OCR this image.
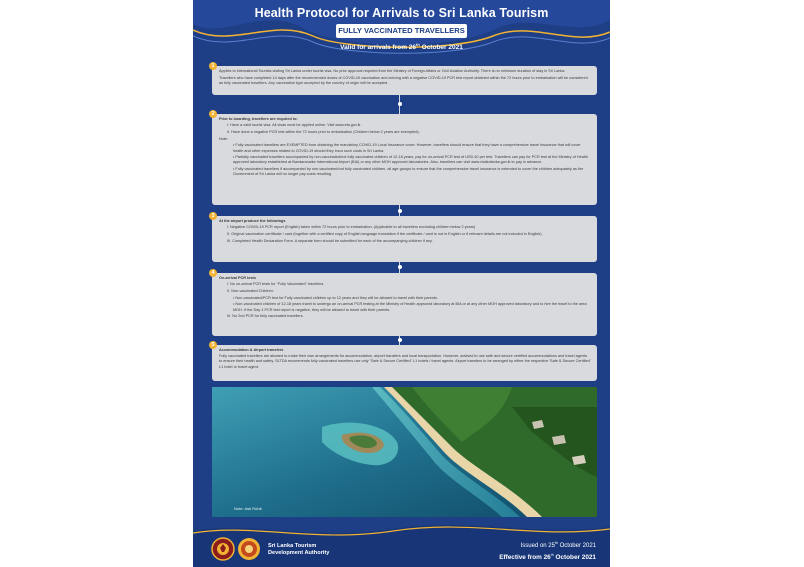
Health Protocol for Arrivals to Sri Lanka Tourism
FULLY VACCINATED TRAVELLERS
Valid for arrivals from 26th October 2021
1

Applies to international Tourists visiting Sri Lanka under tourist visa. No prior approval required from the Ministry of Foreign Affairs or Civil Aviation Authority. There is no minimum duration of stay in Sri Lanka.

Travellers who have completed 14 days after the recommended doses of COVID-19 vaccination and arriving with a negative COVID-19 PCR test report obtained within the 72 hours prior to embarkation will be considered as fully vaccinated travellers. Any vaccination type accepted by the country of origin will be accepted.

2
Prior to boarding, travellers are required to:

I. Have a valid tourist visa. All visas must be applied online. Visit www.eta.gov.lk

II. Have done a negative PCR test within the 72 hours prior to embarkation (Children below 2 years are exempted).

Note:

• Fully vaccinated travellers are EXEMPTED from obtaining the mandatory COVID-19 Local Insurance cover. However, travellers should ensure that they have a comprehensive travel insurance that will cover health and other expenses related to COVID-19 should they incur such costs in Sri Lanka.

• Partially vaccinated travellers accompanied by non-vaccinated/not fully vaccinated children of 12-18 years, pay for on-arrival PCR test of USD 40 per test. Travellers can pay for PCR test at the Ministry of Health approved laboratory established at Bandaranaike International Airport (BIA) or any other MOH approved laboratories. Also, travellers can visit www.visitsrilanka.gov.lk to pay in advance.

• Fully vaccinated travellers if accompanied by non-vaccinated/not fully vaccinated children, all age groups to ensure that the comprehensive travel insurance is extended to cover the children adequately as the Government of Sri Lanka will no longer pay costs resulting.

3
At the airport produce the followings

I. Negative COVID-19 PCR report (English) taken within 72 hours prior to embarkation. (Applicable to all travellers excluding children below 2 years)

II. Original vaccination certificate / card (together with a certified copy of English language translation if the certificate / card is not in English or if relevant details are not included in English).

III. Completed Health Declaration Form. A separate form should be submitted for each of the accompanying children if any.

4
On-arrival PCR tests

I. No on-arrival PCR tests for "Fully Vaccinated" travellers.

II. Non-vaccinated Children:

• Non-vaccinated/PCR test for Fully vaccinated children up to 12 years and they will be allowed to travel with their parents.

• Non-vaccinated children of 12-18 years travel to undergo an on-arrival PCR testing at the Ministry of Health approved laboratory at BIA or at any other MOH approved laboratory and to hire the travel to the area MOH. If the Day 1 PCR test report is negative, they will be allowed to travel with their parents.

III. No 2nd PCR for fully vaccinated travellers.

5
Accommodation & Airport transfers

Fully vaccinated travellers are allowed to make their own arrangements for accommodation, airport transfers and local transportation. However, advised to use safe and secure certified accommodations and travel agents to ensure their health and safety. SLTDA recommends fully vaccinated travellers use only "Safe & Secure Certified" L1 hotels / travel agents. Airport transfers to be arranged by either the respective 'Safe & Secure Certified' L1 hotel or travel agent.

Note: Ask Rohit
Sri Lanka Tourism
Development Authority
Issued on 25th October 2021
Effective from 26th October 2021
